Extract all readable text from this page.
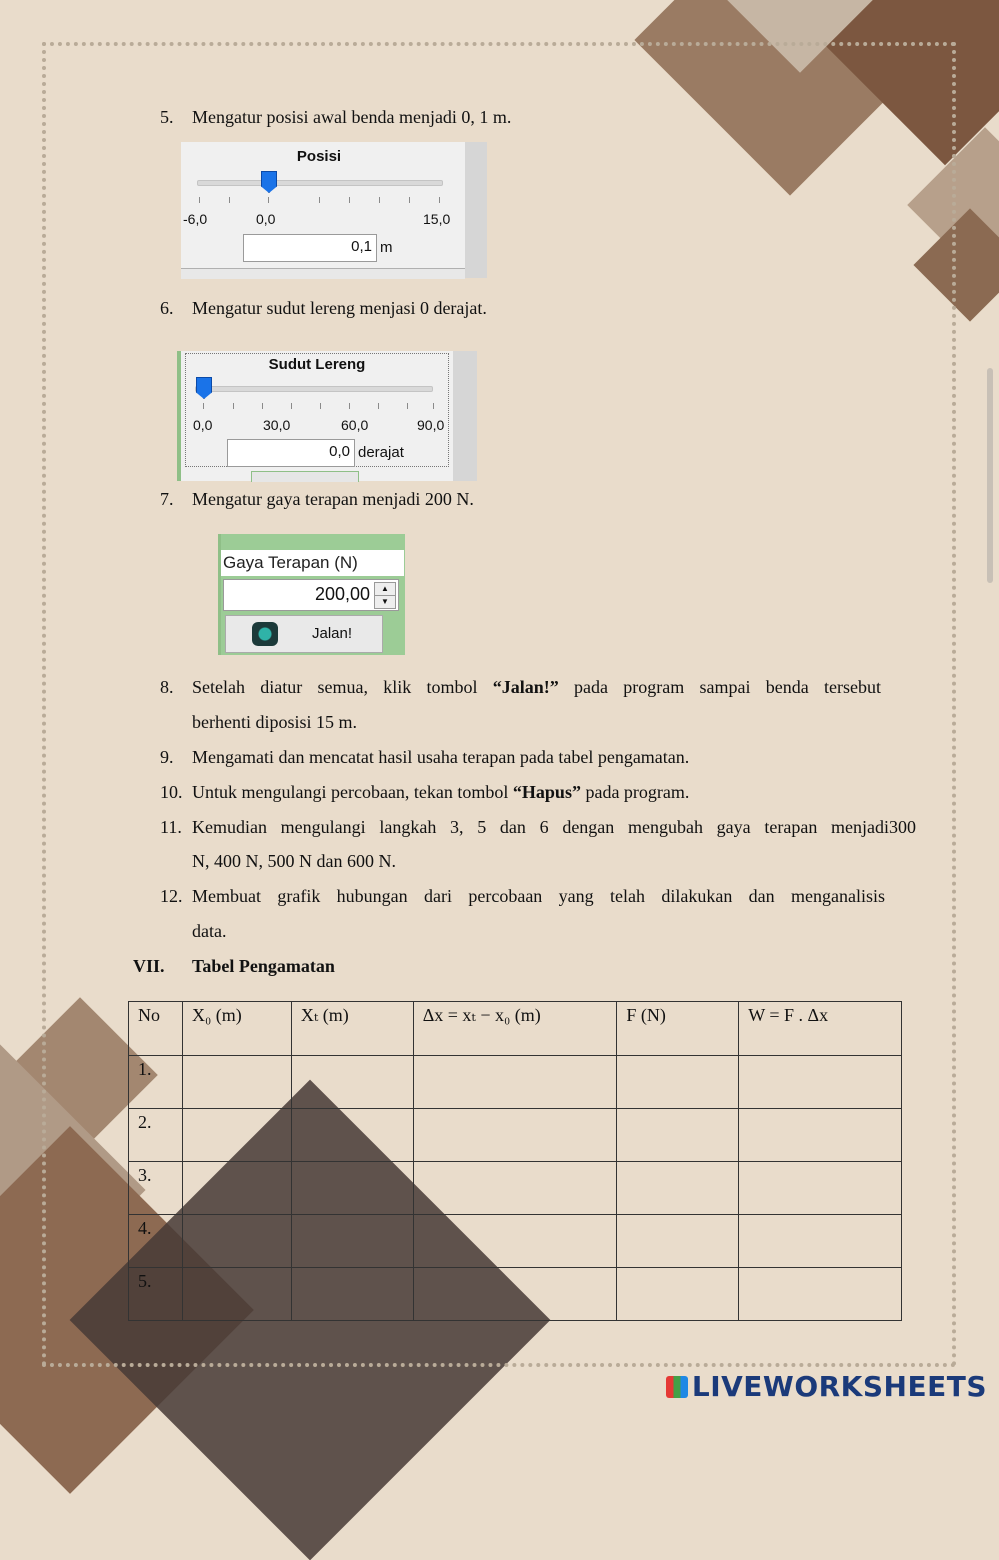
5. Mengatur posisi awal benda menjadi 0, 1 m.
Posisi
-6,0	0,0	15,0
0,1 m
6. Mengatur sudut lereng menjasi 0 derajat.
Sudut Lereng
0,0	30,0	60,0	90,0
0,0 derajat
7. Mengatur gaya terapan menjadi 200 N.
Gaya Terapan (N)
200,00	▲
▼
Jalan!
8. Setelah diatur semua, klik tombol “Jalan!” pada program sampai benda tersebut
berhenti diposisi 15 m.
9. Mengamati dan mencatat hasil usaha terapan pada tabel pengamatan.
10. Untuk mengulangi percobaan, tekan tombol “Hapus” pada program.
11. Kemudian mengulangi langkah 3, 5 dan 6 dengan mengubah gaya terapan menjadi300
N, 400 N, 500 N dan 600 N.
12. Membuat grafik hubungan dari percobaan yang telah dilakukan dan menganalisis
data.
VII. Tabel Pengamatan
No	X₀ (m)	Xₜ (m)	Δx = xₜ − x₀ (m)	F (N)	W = F . Δx
1.					
2.					
3.					
4.					
5.					
LIVEWORKSHEETS
